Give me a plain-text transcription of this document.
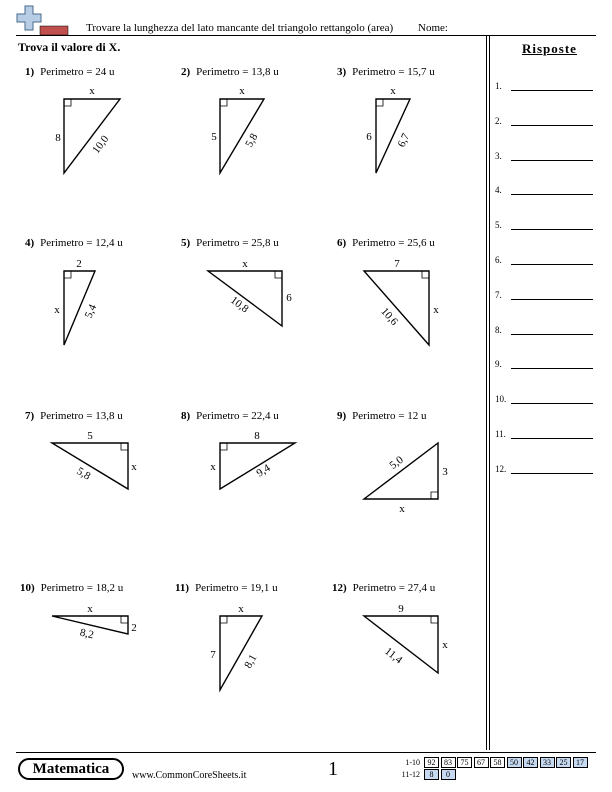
Trovare la lunghezza del lato mancante del triangolo rettangolo (area) Nome:
Trova il valore di X.	Risposte
1.
2.
3.
4.
5.
6.
7.
8.
9.
10.
11.
12.
1) Perimetro = 24 u	2) Perimetro = 13,8 u	3) Perimetro = 15,7 u
4) Perimetro = 12,4 u	5) Perimetro = 25,8 u	6) Perimetro = 25,6 u
7) Perimetro = 13,8 u	8) Perimetro = 22,4 u	9) Perimetro = 12 u
10) Perimetro = 18,2 u	11) Perimetro = 19,1 u	12) Perimetro = 27,4 u
x
8	10,0
x
5 5,8
x
6 6,7
2
x 5,4
x
6
10,8
7
x
10,6
5
x
5,8
8
x	9,4	3
x
5,0
x
2
8,2
x
7 8,1
9
x
11,4
Matematica	www.CommonCoreSheets.it	1	1-10 92	83	75	67	58	50	42	33	25	17
11-12	8	0
